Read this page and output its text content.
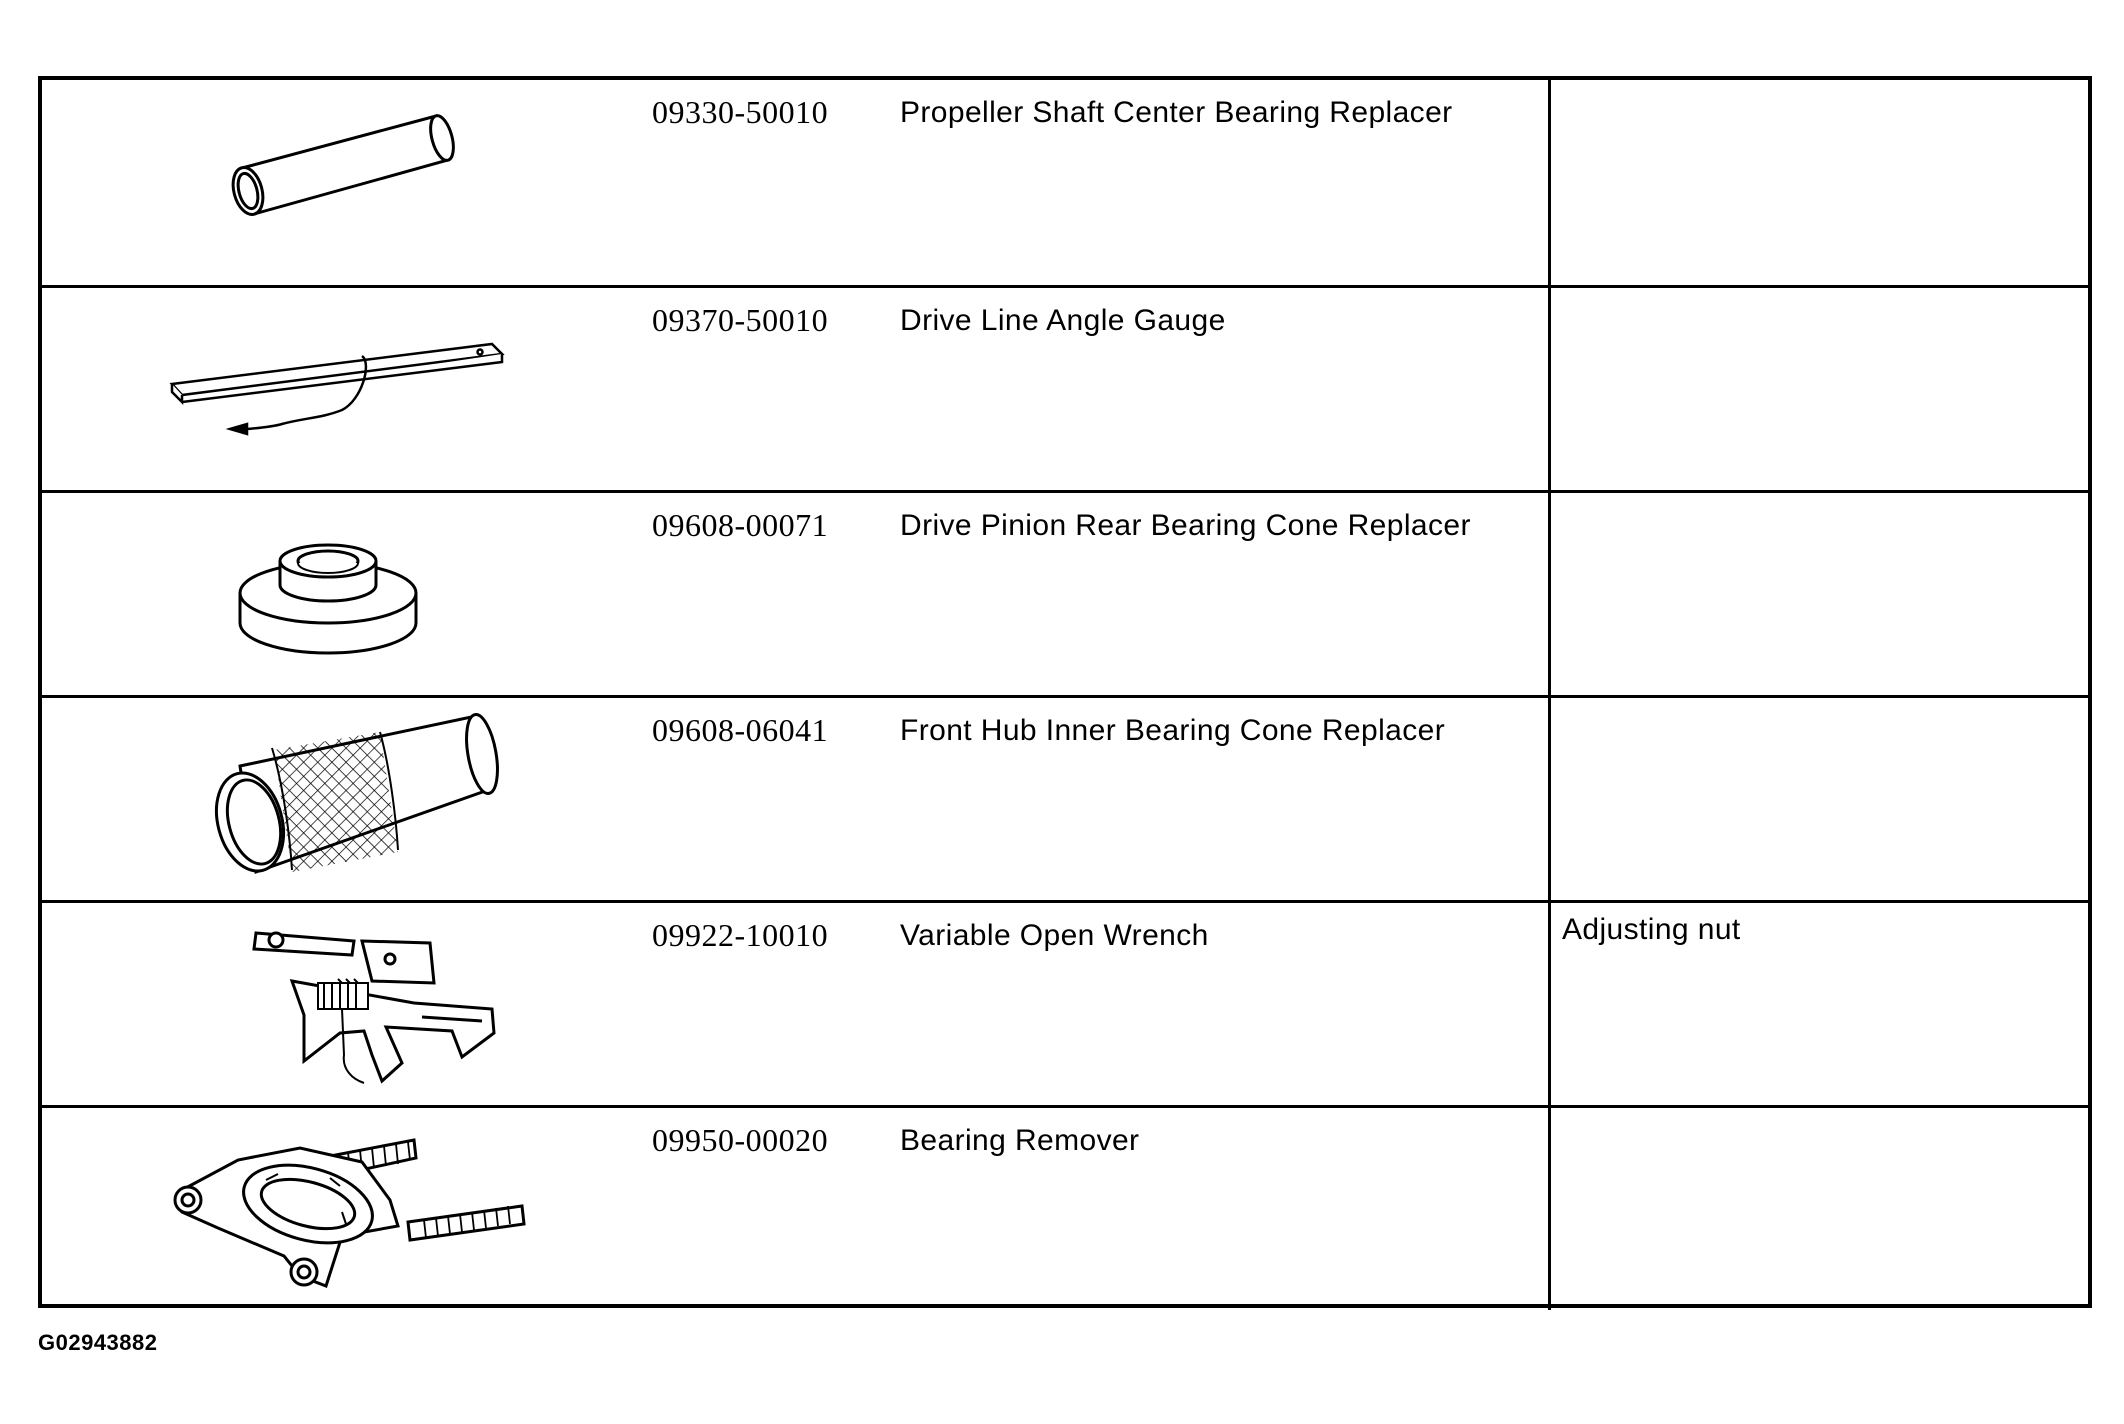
09330-50010 Propeller Shaft Center Bearing Replacer
09370-50010 Drive Line Angle Gauge
09608-00071 Drive Pinion Rear Bearing Cone Replacer
09608-06041 Front Hub Inner Bearing Cone Replacer
09922-10010 Variable Open Wrench	Adjusting nut
09950-00020 Bearing Remover
G02943882
